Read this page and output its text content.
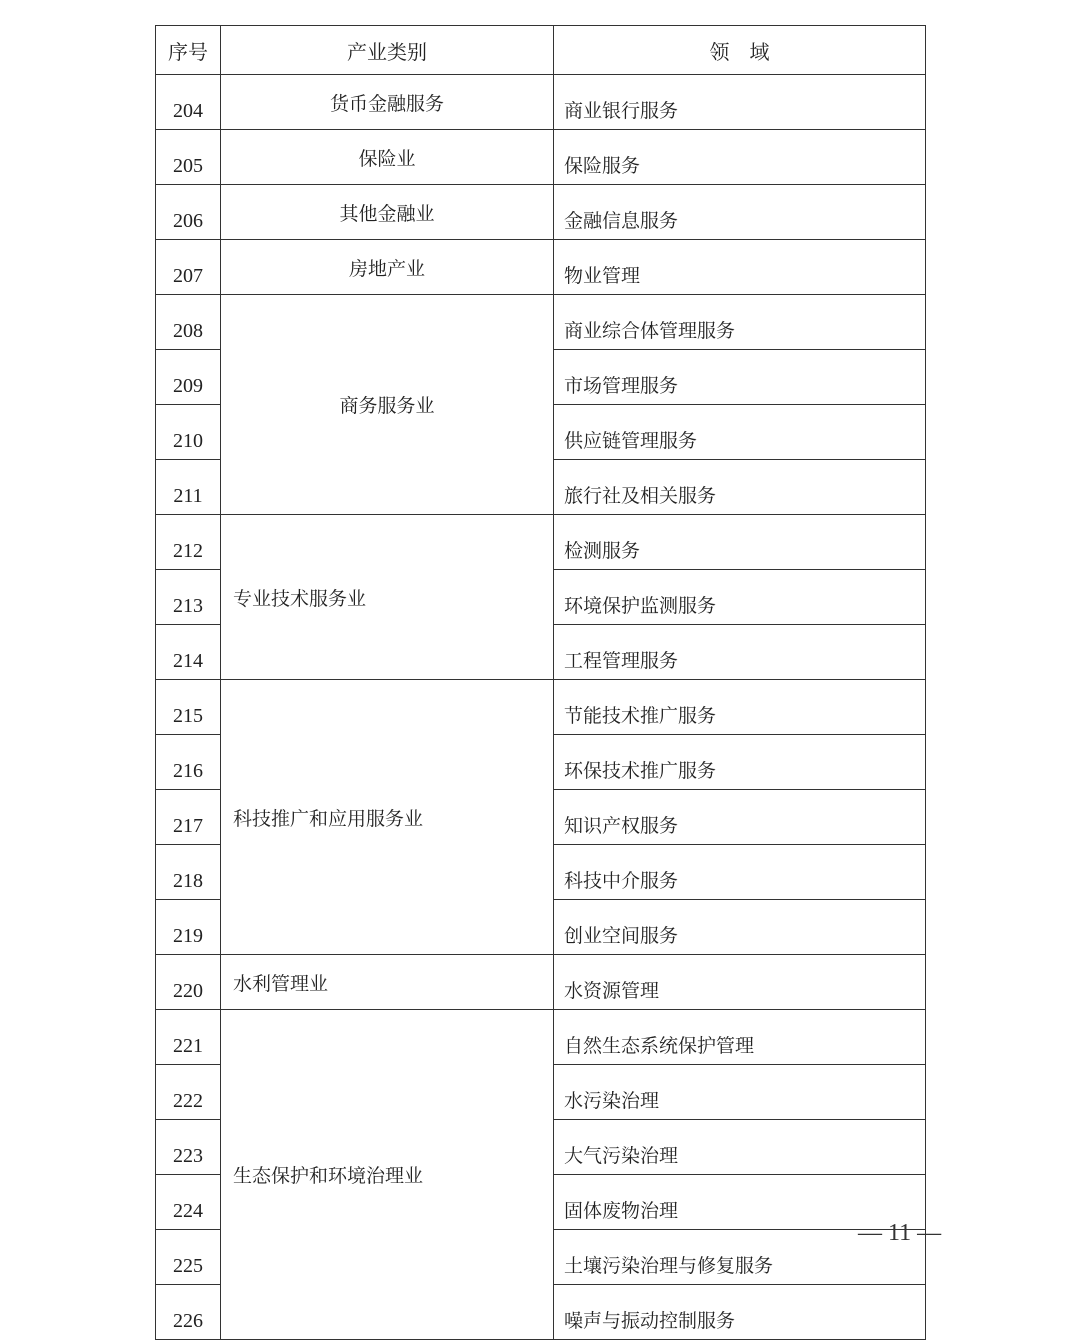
序号	产业类别	领　域
204	货币金融服务	商业银行服务
205	保险业	保险服务
206	其他金融业	金融信息服务
207	房地产业	物业管理
208	商务服务业	商业综合体管理服务
209		市场管理服务
210		供应链管理服务
211		旅行社及相关服务
212	专业技术服务业	检测服务
213		环境保护监测服务
214		工程管理服务
215	科技推广和应用服务业	节能技术推广服务
216		环保技术推广服务
217		知识产权服务
218		科技中介服务
219		创业空间服务
220	水利管理业	水资源管理
221	生态保护和环境治理业	自然生态系统保护管理
222		水污染治理
223		大气污染治理
224		固体废物治理
225		土壤污染治理与修复服务
226		噪声与振动控制服务
— 11 —
